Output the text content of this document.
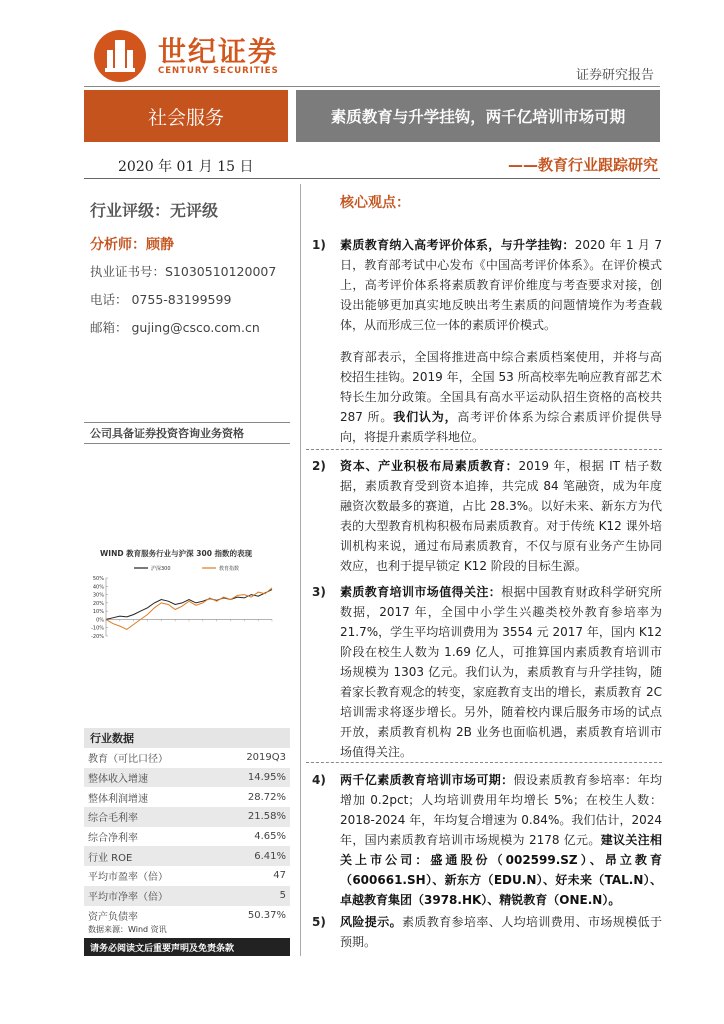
世纪证券
CENTURY SECURITIES	证券研究报告
社会服务	素质教育与升学挂钩，两千亿培训市场可期
2020 年 01 月 15 日	——教育行业跟踪研究
行业评级：无评级
分析师：顾静
执业证书号：S1030510120007
电话： 0755-83199599
邮箱： gujing@csco.com.cn
公司具备证券投资咨询业务资格
WIND 教育服务行业与沪深 300 指数的表现
50%
40%
30%
20%
10%
0%
-10%
-20%
沪深300	教育指数
行业数据
教育（可比口径）	2019Q3
整体收入增速	14.95%
整体利润增速	28.72%
综合毛利率	21.58%
综合净利率	4.65%
行业 ROE	6.41%
平均市盈率（倍）	47
平均市净率（倍）	5
资产负债率	50.37%
数据来源：Wind 资讯
请务必阅读文后重要声明及免责条款
核心观点：
1) 素质教育纳入高考评价体系，与升学挂钩：2020 年 1 月 7 日，教育部考试中心发布《中国高考评价体系》。在评价模式上，高考评价体系将素质教育评价维度与考查要求对接，创设出能够更加真实地反映出考生素质的问题情境作为考查载体，从而形成三位一体的素质评价模式。

教育部表示，全国将推进高中综合素质档案使用，并将与高校招生挂钩。2019 年，全国 53 所高校率先响应教育部艺术特长生加分政策。全国具有高水平运动队招生资格的高校共 287 所。我们认为，高考评价体系为综合素质评价提供导向，将提升素质学科地位。

2) 资本、产业积极布局素质教育：2019 年，根据 IT 桔子数据，素质教育受到资本追捧，共完成 84 笔融资，成为年度融资次数最多的赛道，占比 28.3%。以好未来、新东方为代表的大型教育机构积极布局素质教育。对于传统 K12 课外培训机构来说，通过布局素质教育，不仅与原有业务产生协同效应，也利于提早锁定 K12 阶段的目标生源。

3) 素质教育培训市场值得关注：根据中国教育财政科学研究所数据，2017 年，全国中小学生兴趣类校外教育参培率为 21.7%，学生平均培训费用为 3554 元 2017 年，国内 K12 阶段在校生人数为 1.69 亿人，可推算国内素质教育培训市场规模为 1303 亿元。我们认为，素质教育与升学挂钩，随着家长教育观念的转变，家庭教育支出的增长，素质教育 2C 培训需求将逐步增长。另外，随着校内课后服务市场的试点开放，素质教育机构 2B 业务也面临机遇，素质教育培训市场值得关注。

4) 两千亿素质教育培训市场可期：假设素质教育参培率：年均增加 0.2pct；人均培训费用年均增长 5%；在校生人数：2018-2024 年，年均复合增速为 0.84%。我们估计，2024 年，国内素质教育培训市场规模为 2178 亿元。建议关注相关上市公司：盛通股份（002599.SZ）、昂立教育（600661.SH）、新东方（EDU.N）、好未来（TAL.N）、卓越教育集团（3978.HK）、精锐教育（ONE.N）。

5) 风险提示。素质教育参培率、人均培训费用、市场规模低于预期。
